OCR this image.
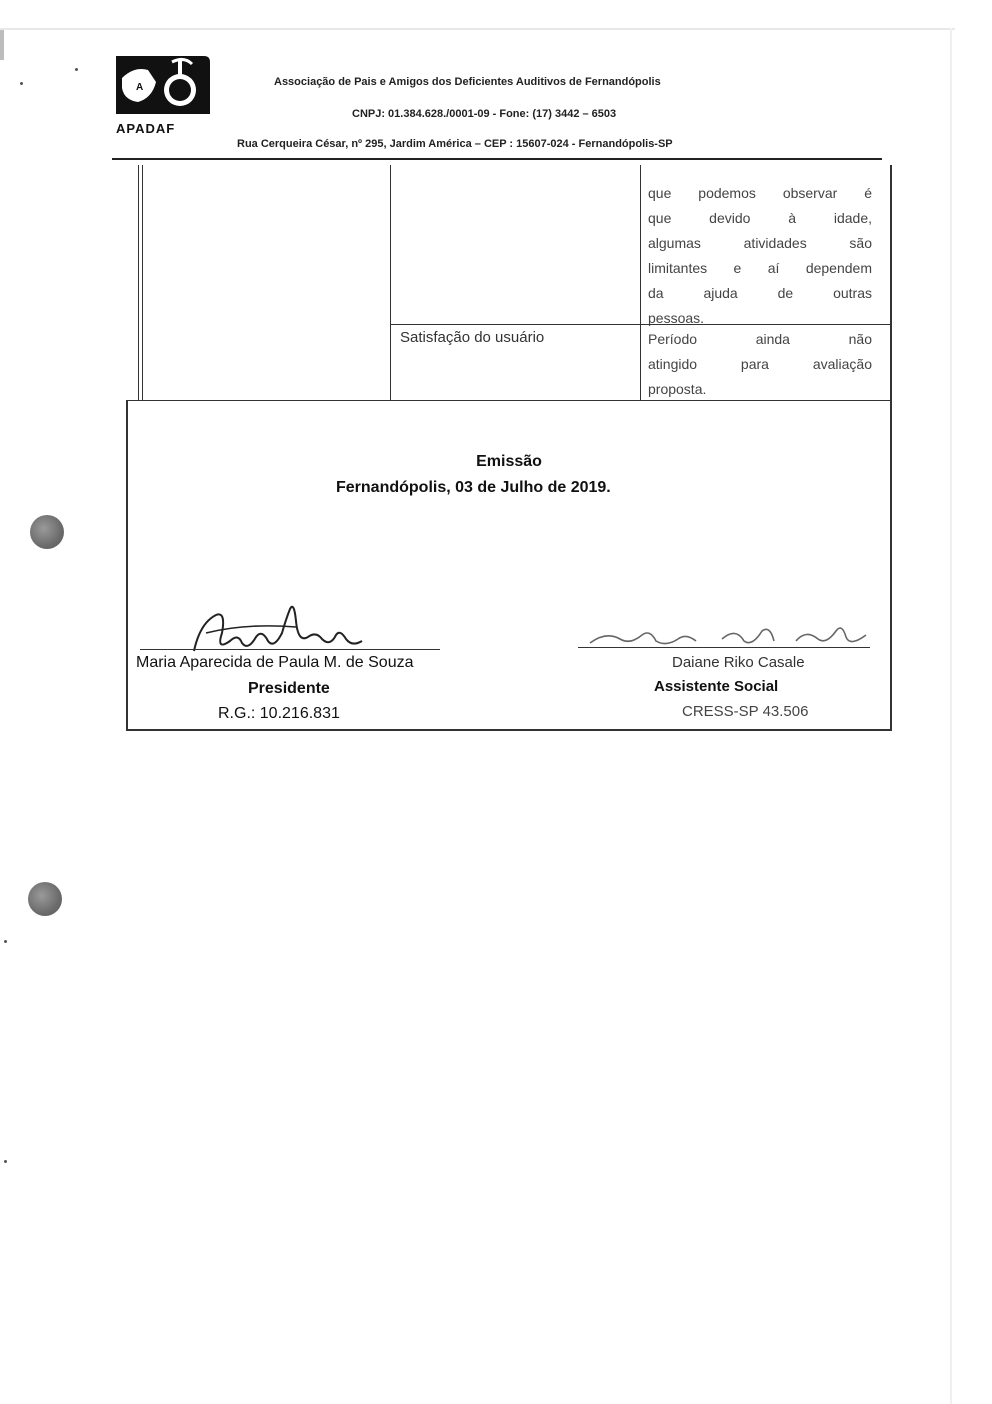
A
APADAF
Associação de Pais e Amigos dos Deficientes Auditivos de Fernandópolis
CNPJ: 01.384.628./0001-09 - Fone: (17) 3442 – 6503
Rua Cerqueira César, nº 295, Jardim América – CEP : 15607-024 - Fernandópolis-SP
que podemos observar é
que devido à idade,
algumas atividades são
limitantes e aí dependem
da ajuda de outras
pessoas.
Satisfação do usuário	Período ainda não
atingido para avaliação
proposta.
Emissão
Fernandópolis, 03 de Julho de 2019.
Maria Aparecida de Paula M. de Souza
Presidente
R.G.: 10.216.831
Daiane Riko Casale
Assistente Social
CRESS-SP 43.506
